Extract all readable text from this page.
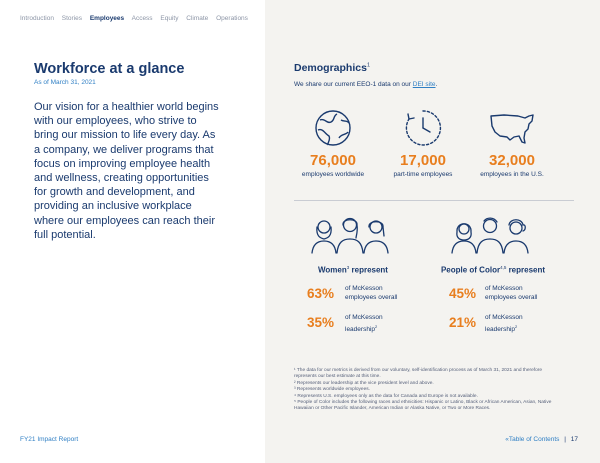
Introduction Stories Employees Access Equity Climate Operations
Workforce at a glance
As of March 31, 2021
Our vision for a healthier world begins with our employees, who strive to bring our mission to life every day. As a company, we deliver programs that focus on improving employee health and wellness, creating opportunities for growth and development, and providing an inclusive workplace where our employees can reach their full potential.
FY21 Impact Report
Demographics$^1$
We share our current EEO-1 data on our DEI site.
76,000
employees worldwide
17,000
part-time employees
32,000
employees in the U.S.
Women$^3$ represent	People of Color$^{4,5}$ represent
63% of McKesson
employees overall
35% of McKesson
leadership$^2$
45% of McKesson
employees overall
21% of McKesson
leadership$^2$
¹ The data for our metrics is derived from our voluntary, self-identification process as of March 31, 2021 and therefore represents our best estimate at this time.
² Represents our leadership at the vice president level and above.
³ Represents worldwide employees.
⁴ Represents U.S. employees only as the data for Canada and Europe is not available.
⁵ People of Color includes the following races and ethnicities: Hispanic or Latino, Black or African American, Asian, Native Hawaiian or Other Pacific Islander, American Indian or Alaska Native, or Two or More Races.
«Table of Contents | 17
